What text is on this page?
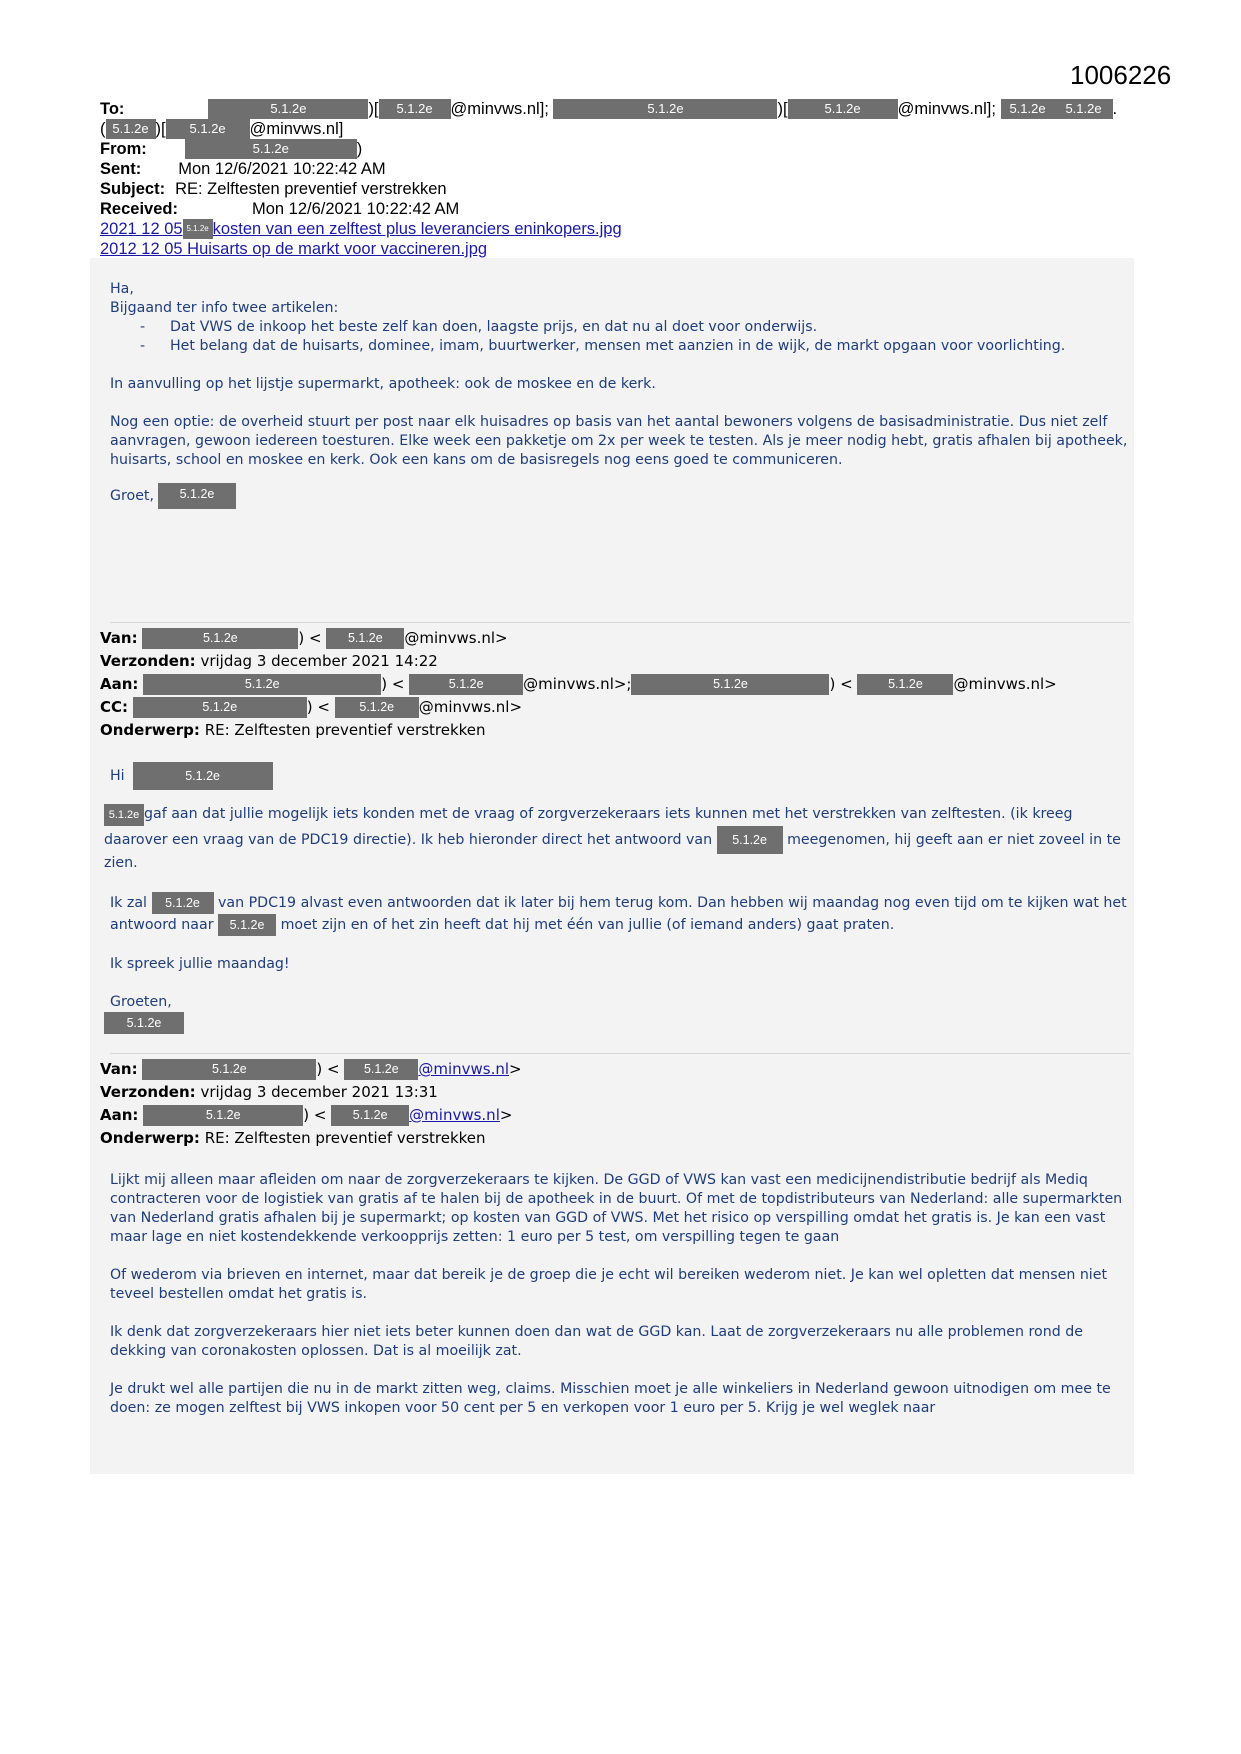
1006226
To:	5.1.2e	)[ 5.1.2e @minvws.nl];	5.1.2e	)[	5.1.2e @minvws.nl]; 5.1.2e 5.1.2e .
( 5.1.2e )[ 5.1.2e @minvws.nl]
From:	5.1.2e	)
Sent: Mon 12/6/2021 10:22:42 AM
Subject: RE: Zelftesten preventief verstrekken
Received:	Mon 12/6/2021 10:22:42 AM
2021 12 05 5.1.2e kosten van een zelftest plus leveranciers eninkopers.jpg
2012 12 05 Huisarts op de markt voor vaccineren.jpg
Ha,
Bijgaand ter info twee artikelen:
- Dat VWS de inkoop het beste zelf kan doen, laagste prijs, en dat nu al doet voor onderwijs.
- Het belang dat de huisarts, dominee, imam, buurtwerker, mensen met aanzien in de wijk, de markt opgaan voor voorlichting.

In aanvulling op het lijstje supermarkt, apotheek: ook de moskee en de kerk.

Nog een optie: de overheid stuurt per post naar elk huisadres op basis van het aantal bewoners volgens de basisadministratie. Dus niet zelf aanvragen, gewoon iedereen toesturen. Elke week een pakketje om 2x per week te testen. Als je meer nodig hebt, gratis afhalen bij apotheek, huisarts, school en moskee en kerk. Ook een kans om de basisregels nog eens goed te communiceren.

Groet,	5.1.2e
Van:	5.1.2e	) < 5.1.2e @minvws.nl>
Verzonden: vrijdag 3 december 2021 14:22
Aan:	5.1.2e	) <	5.1.2e	@minvws.nl>;	5.1.2e	) < 5.1.2e @minvws.nl>
CC:	5.1.2e	) < 5.1.2e @minvws.nl>
Onderwerp: RE: Zelftesten preventief verstrekken

Hi	5.1.2e

5.1.2e gaf aan dat jullie mogelijk iets konden met de vraag of zorgverzekeraars iets kunnen met het verstrekken van zelftesten. (ik kreeg daarover een vraag van de PDC19 directie). Ik heb hieronder direct het antwoord van 5.1.2e meegenomen, hij geeft aan er niet zoveel in te zien.

Ik zal 5.1.2e van PDC19 alvast even antwoorden dat ik later bij hem terug kom. Dan hebben wij maandag nog even tijd om te kijken wat het antwoord naar 5.1.2e moet zijn en of het zin heeft dat hij met één van jullie (of iemand anders) gaat praten.

Ik spreek jullie maandag!

Groeten,
5.1.2e
Van:	5.1.2e	) < 5.1.2e @minvws.nl>
Verzonden: vrijdag 3 december 2021 13:31
Aan:	5.1.2e	) < 5.1.2e @minvws.nl>
Onderwerp: RE: Zelftesten preventief verstrekken

Lijkt mij alleen maar afleiden om naar de zorgverzekeraars te kijken. De GGD of VWS kan vast een medicijnendistributie bedrijf als Mediq contracteren voor de logistiek van gratis af te halen bij de apotheek in de buurt. Of met de topdistributeurs van Nederland: alle supermarkten van Nederland gratis afhalen bij je supermarkt; op kosten van GGD of VWS. Met het risico op verspilling omdat het gratis is. Je kan een vast maar lage en niet kostendekkende verkoopprijs zetten: 1 euro per 5 test, om verspilling tegen te gaan

Of wederom via brieven en internet, maar dat bereik je de groep die je echt wil bereiken wederom niet. Je kan wel opletten dat mensen niet teveel bestellen omdat het gratis is.

Ik denk dat zorgverzekeraars hier niet iets beter kunnen doen dan wat de GGD kan. Laat de zorgverzekeraars nu alle problemen rond de dekking van coronakosten oplossen. Dat is al moeilijk zat.

Je drukt wel alle partijen die nu in de markt zitten weg, claims. Misschien moet je alle winkeliers in Nederland gewoon uitnodigen om mee te doen: ze mogen zelftest bij VWS inkopen voor 50 cent per 5 en verkopen voor 1 euro per 5. Krijg je wel weglek naar
